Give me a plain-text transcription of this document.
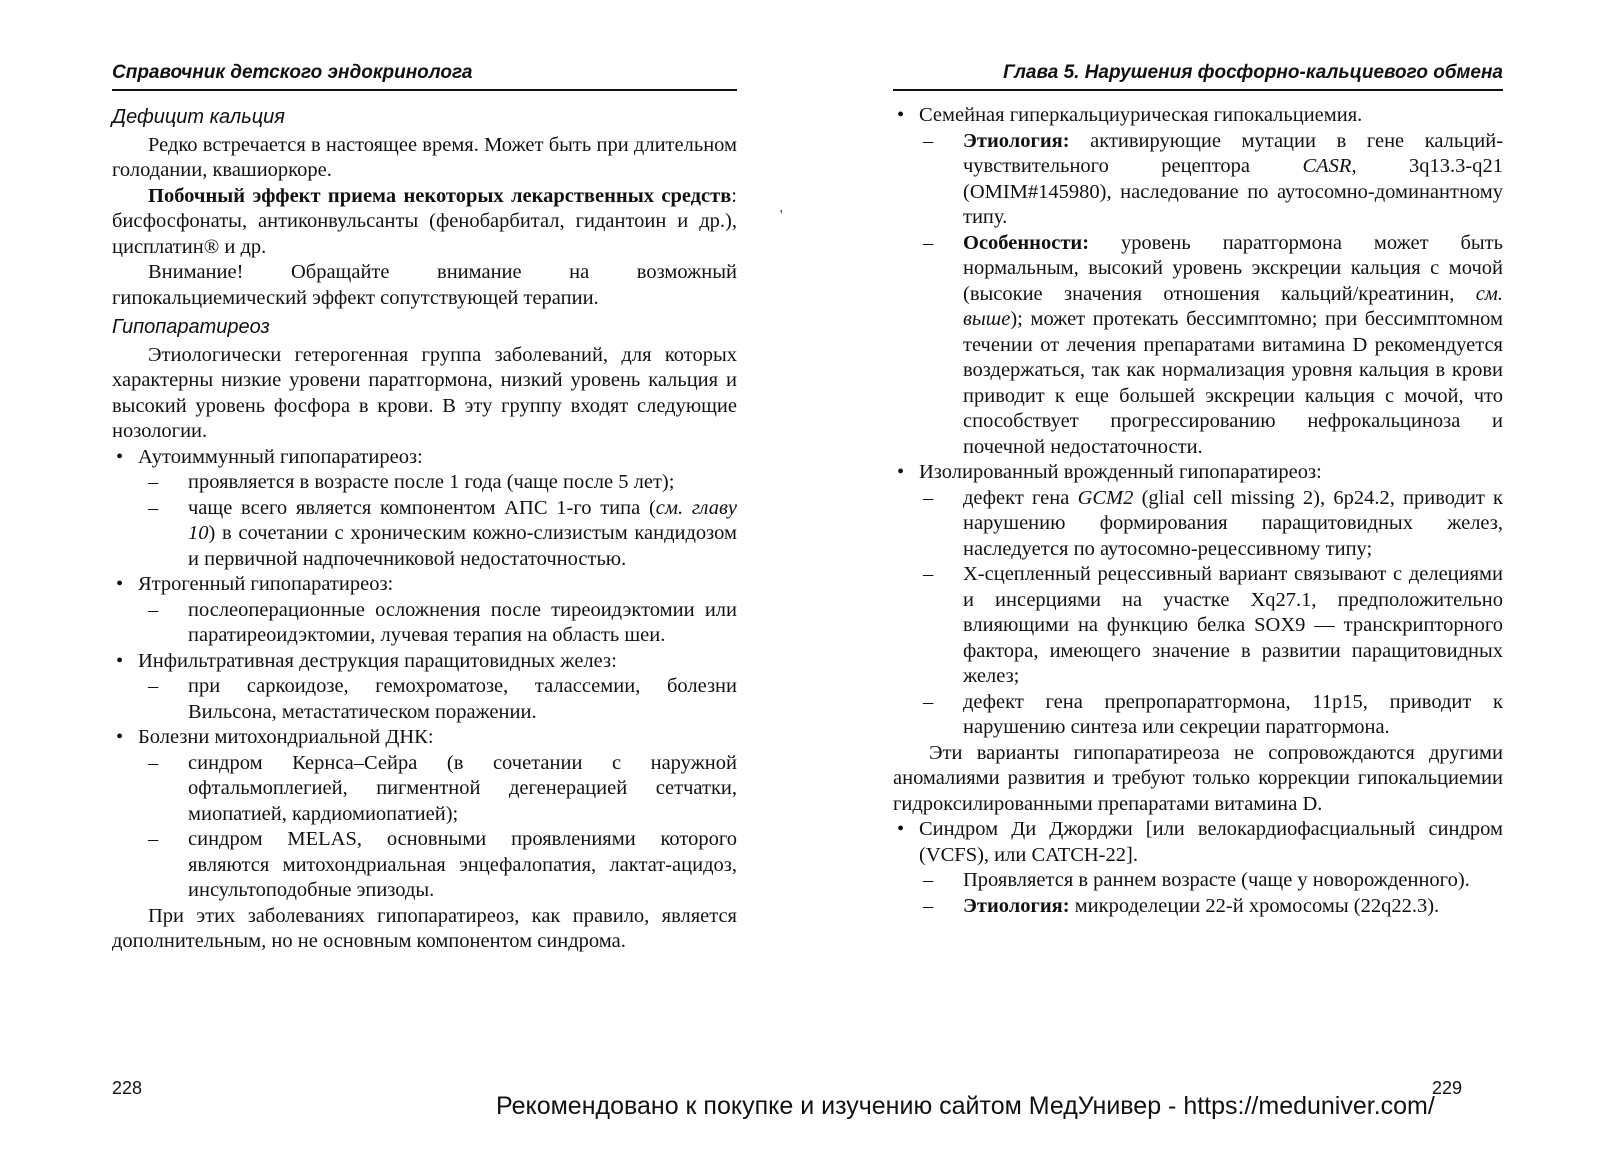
Справочник детского эндокринолога
Дефицит кальция

Редко встречается в настоящее время. Может быть при длительном голодании, квашиоркоре.

Побочный эффект приема некоторых лекарственных средств: бисфосфонаты, антиконвульсанты (фенобарбитал, гидантоин и др.), цисплатин® и др.

Внимание! Обращайте внимание на возможный гипокальциемический эффект сопутствующей терапии.

Гипопаратиреоз

Этиологически гетерогенная группа заболеваний, для которых характерны низкие уровени паратгормона, низкий уровень кальция и высокий уровень фосфора в крови. В эту группу входят следующие нозологии.

• Аутоиммунный гипопаратиреоз:
– проявляется в возрасте после 1 года (чаще после 5 лет);
– чаще всего является компонентом АПС 1-го типа (см. главу 10) в сочетании с хроническим кожно-слизистым кандидозом и первичной надпочечниковой недостаточностью.
• Ятрогенный гипопаратиреоз:
– послеоперационные осложнения после тиреоидэктомии или паратиреоидэктомии, лучевая терапия на область шеи.
• Инфильтративная деструкция паращитовидных желез:
– при саркоидозе, гемохроматозе, талассемии, болезни Вильсона, метастатическом поражении.
• Болезни митохондриальной ДНК:
– синдром Кернса–Сейра (в сочетании с наружной офтальмоплегией, пигментной дегенерацией сетчатки, миопатией, кардиомиопатией);
– синдром MELAS, основными проявлениями которого являются митохондриальная энцефалопатия, лактат-ацидоз, инсультоподобные эпизоды.

При этих заболеваниях гипопаратиреоз, как правило, является дополнительным, но не основным компонентом синдрома.

Глава 5. Нарушения фосфорно-кальциевого обмена
• Семейная гиперкальциурическая гипокальциемия.
– Этиология: активирующие мутации в гене кальций-чувствительного рецептора CASR, 3q13.3-q21 (OMIM#145980), наследование по аутосомно-доминантному типу.
– Особенности: уровень паратгормона может быть нормальным, высокий уровень экскреции кальция с мочой (высокие значения отношения кальций/креатинин, см. выше); может протекать бессимптомно; при бессимптомном течении от лечения препаратами витамина D рекомендуется воздержаться, так как нормализация уровня кальция в крови приводит к еще большей экскреции кальция с мочой, что способствует прогрессированию нефрокальциноза и почечной недостаточности.
• Изолированный врожденный гипопаратиреоз:
– дефект гена GCM2 (glial cell missing 2), 6p24.2, приводит к нарушению формирования паращитовидных желез, наследуется по аутосомно-рецессивному типу;
– Х-сцепленный рецессивный вариант связывают с делециями и инсерциями на участке Xq27.1, предположительно влияющими на функцию белка SOX9 — транскрипторного фактора, имеющего значение в развитии паращитовидных желез;
– дефект гена препропаратгормона, 11p15, приводит к нарушению синтеза или секреции паратгормона.

Эти варианты гипопаратиреоза не сопровождаются другими аномалиями развития и требуют только коррекции гипокальциемии гидроксилированными препаратами витамина D.

• Синдром Ди Джорджи [или велокардиофасциальный синдром (VCFS), или CATCH-22].
– Проявляется в раннем возрасте (чаще у новорожденного).
– Этиология: микроделеции 22-й хромосомы (22q22.3).
'
228	229
Рекомендовано к покупке и изучению сайтом МедУнивер - https://meduniver.com/
